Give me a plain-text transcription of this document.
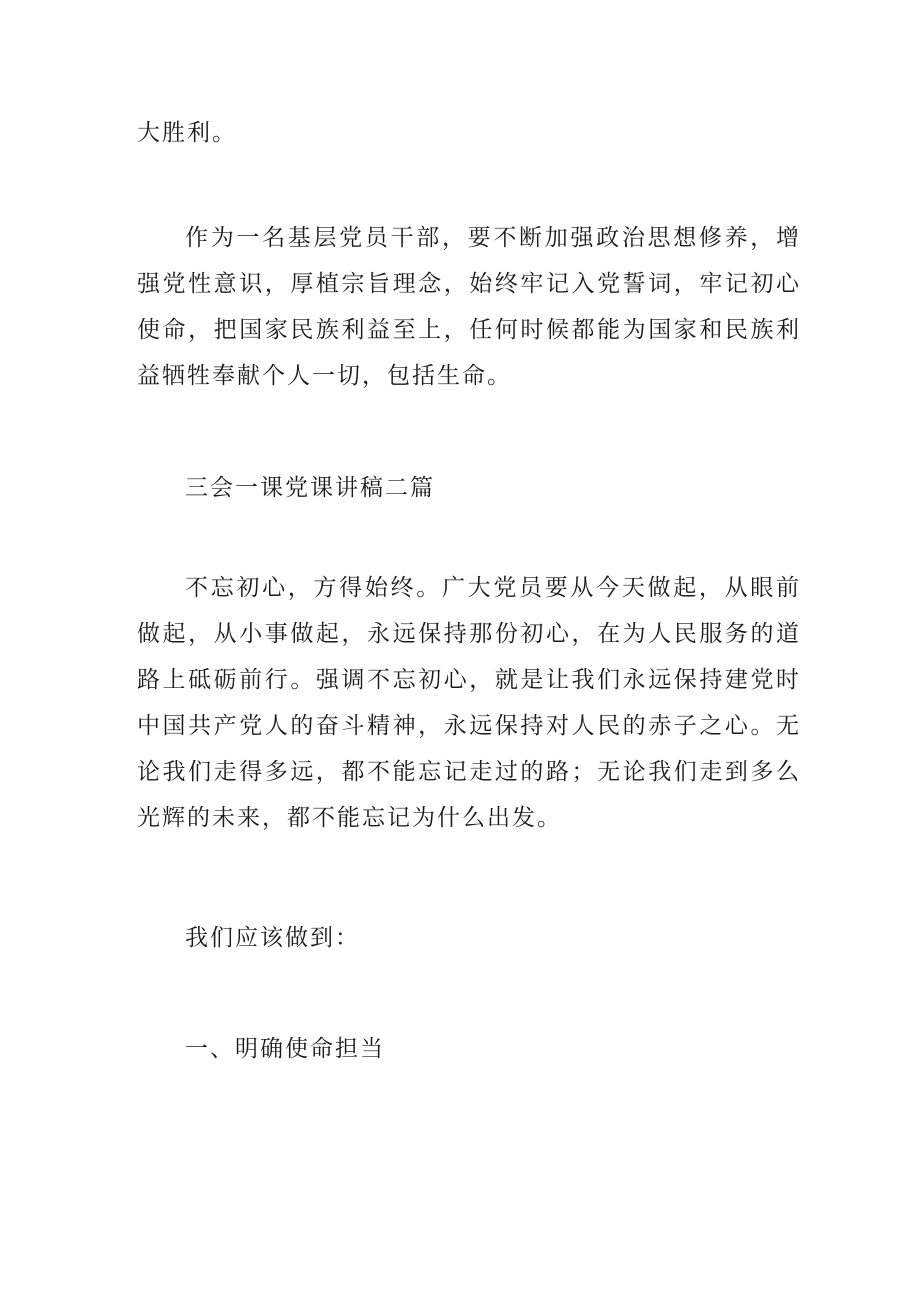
大胜利。

作为一名基层党员干部，要不断加强政治思想修养，增强党性意识，厚植宗旨理念，始终牢记入党誓词，牢记初心使命，把国家民族利益至上，任何时候都能为国家和民族利益牺牲奉献个人一切，包括生命。

三会一课党课讲稿二篇

不忘初心，方得始终。广大党员要从今天做起，从眼前做起，从小事做起，永远保持那份初心，在为人民服务的道路上砥砺前行。强调不忘初心，就是让我们永远保持建党时中国共产党人的奋斗精神，永远保持对人民的赤子之心。无论我们走得多远，都不能忘记走过的路；无论我们走到多么光辉的未来，都不能忘记为什么出发。

我们应该做到：

一、明确使命担当
